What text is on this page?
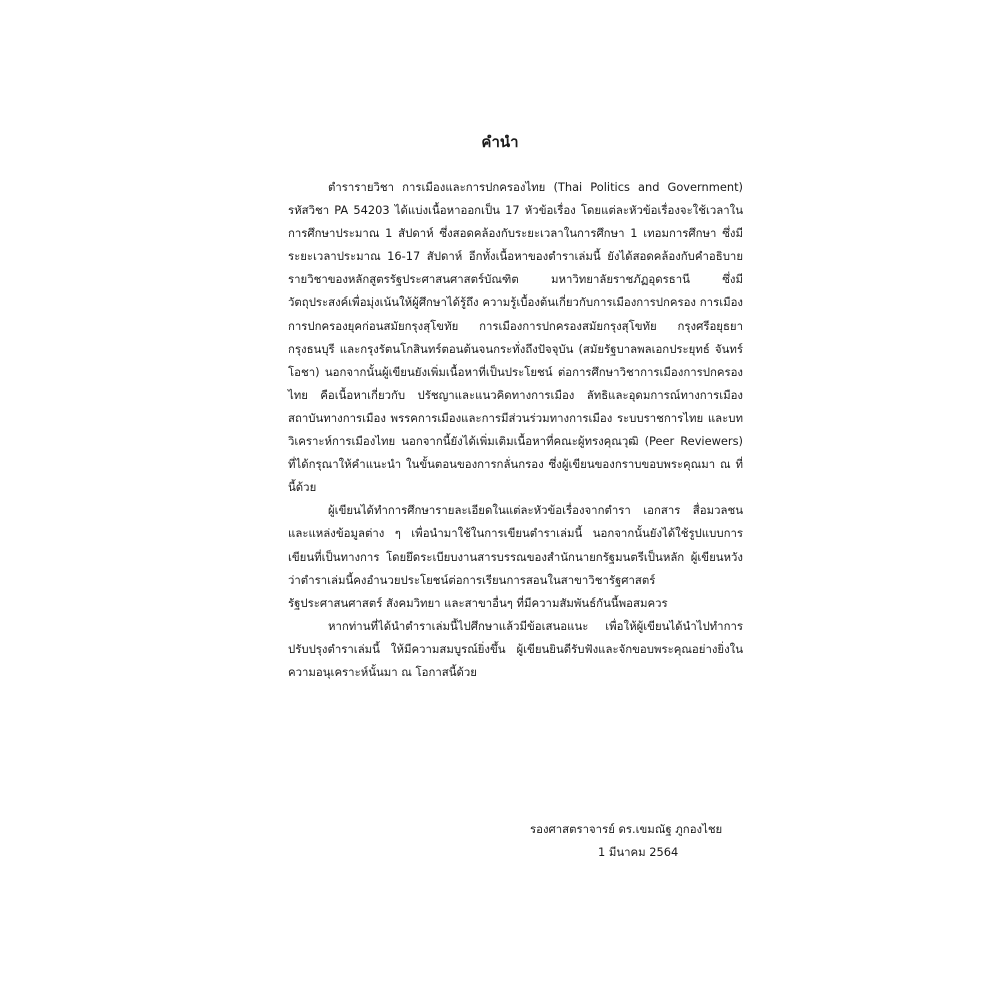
คำนำ

ตำรารายวิชา การเมืองและการปกครองไทย (Thai Politics and Government) รหัสวิชา PA 54203 ได้แบ่งเนื้อหาออกเป็น 17 หัวข้อเรื่อง โดยแต่ละหัวข้อเรื่องจะใช้เวลาในการศึกษาประมาณ 1 สัปดาห์ ซึ่งสอดคล้องกับระยะเวลาในการศึกษา 1 เทอมการศึกษา ซึ่งมีระยะเวลาประมาณ 16-17 สัปดาห์ อีกทั้งเนื้อหาของตำราเล่มนี้ ยังได้สอดคล้องกับคำอธิบายรายวิชาของหลักสูตรรัฐประศาสนศาสตร์บัณฑิต มหาวิทยาลัยราชภัฏอุดรธานี ซึ่งมีวัตถุประสงค์เพื่อมุ่งเน้นให้ผู้ศึกษาได้รู้ถึง ความรู้เบื้องต้นเกี่ยวกับการเมืองการปกครอง การเมืองการปกครองยุคก่อนสมัยกรุงสุโขทัย การเมืองการปกครองสมัยกรุงสุโขทัย กรุงศรีอยุธยา กรุงธนบุรี และกรุงรัตนโกสินทร์ตอนต้นจนกระทั่งถึงปัจจุบัน (สมัยรัฐบาลพลเอกประยุทธ์ จันทร์โอชา) นอกจากนั้นผู้เขียนยังเพิ่มเนื้อหาที่เป็นประโยชน์ ต่อการศึกษาวิชาการเมืองการปกครองไทย คือเนื้อหาเกี่ยวกับ ปรัชญาและแนวคิดทางการเมือง ลัทธิและอุดมการณ์ทางการเมือง สถาบันทางการเมือง พรรคการเมืองและการมีส่วนร่วมทางการเมือง ระบบราชการไทย และบทวิเคราะห์การเมืองไทย นอกจากนี้ยังได้เพิ่มเติมเนื้อหาที่คณะผู้ทรงคุณวุฒิ (Peer Reviewers) ที่ได้กรุณาให้คำแนะนำ ในขั้นตอนของการกลั่นกรอง ซึ่งผู้เขียนของกราบขอบพระคุณมา ณ ที่นี้ด้วย

ผู้เขียนได้ทำการศึกษารายละเอียดในแต่ละหัวข้อเรื่องจากตำรา เอกสาร สื่อมวลชน และแหล่งข้อมูลต่าง ๆ เพื่อนำมาใช้ในการเขียนตำราเล่มนี้ นอกจากนั้นยังได้ใช้รูปแบบการเขียนที่เป็นทางการ โดยยึดระเบียบงานสารบรรณของสำนักนายกรัฐมนตรีเป็นหลัก ผู้เขียนหวังว่าตำราเล่มนี้คงอำนวยประโยชน์ต่อการเรียนการสอนในสาขาวิชารัฐศาสตร์ รัฐประศาสนศาสตร์ สังคมวิทยา และสาขาอื่นๆ ที่มีความสัมพันธ์กันนี้พอสมควร

หากท่านที่ได้นำตำราเล่มนี้ไปศึกษาแล้วมีข้อเสนอแนะ เพื่อให้ผู้เขียนได้นำไปทำการปรับปรุงตำราเล่มนี้ ให้มีความสมบูรณ์ยิ่งขึ้น ผู้เขียนยินดีรับฟังและจักขอบพระคุณอย่างยิ่งในความอนุเคราะห์นั้นมา ณ โอกาสนี้ด้วย

รองศาสตราจารย์ ดร.เขมณัฐ ภูกองไชย
1 มีนาคม 2564
